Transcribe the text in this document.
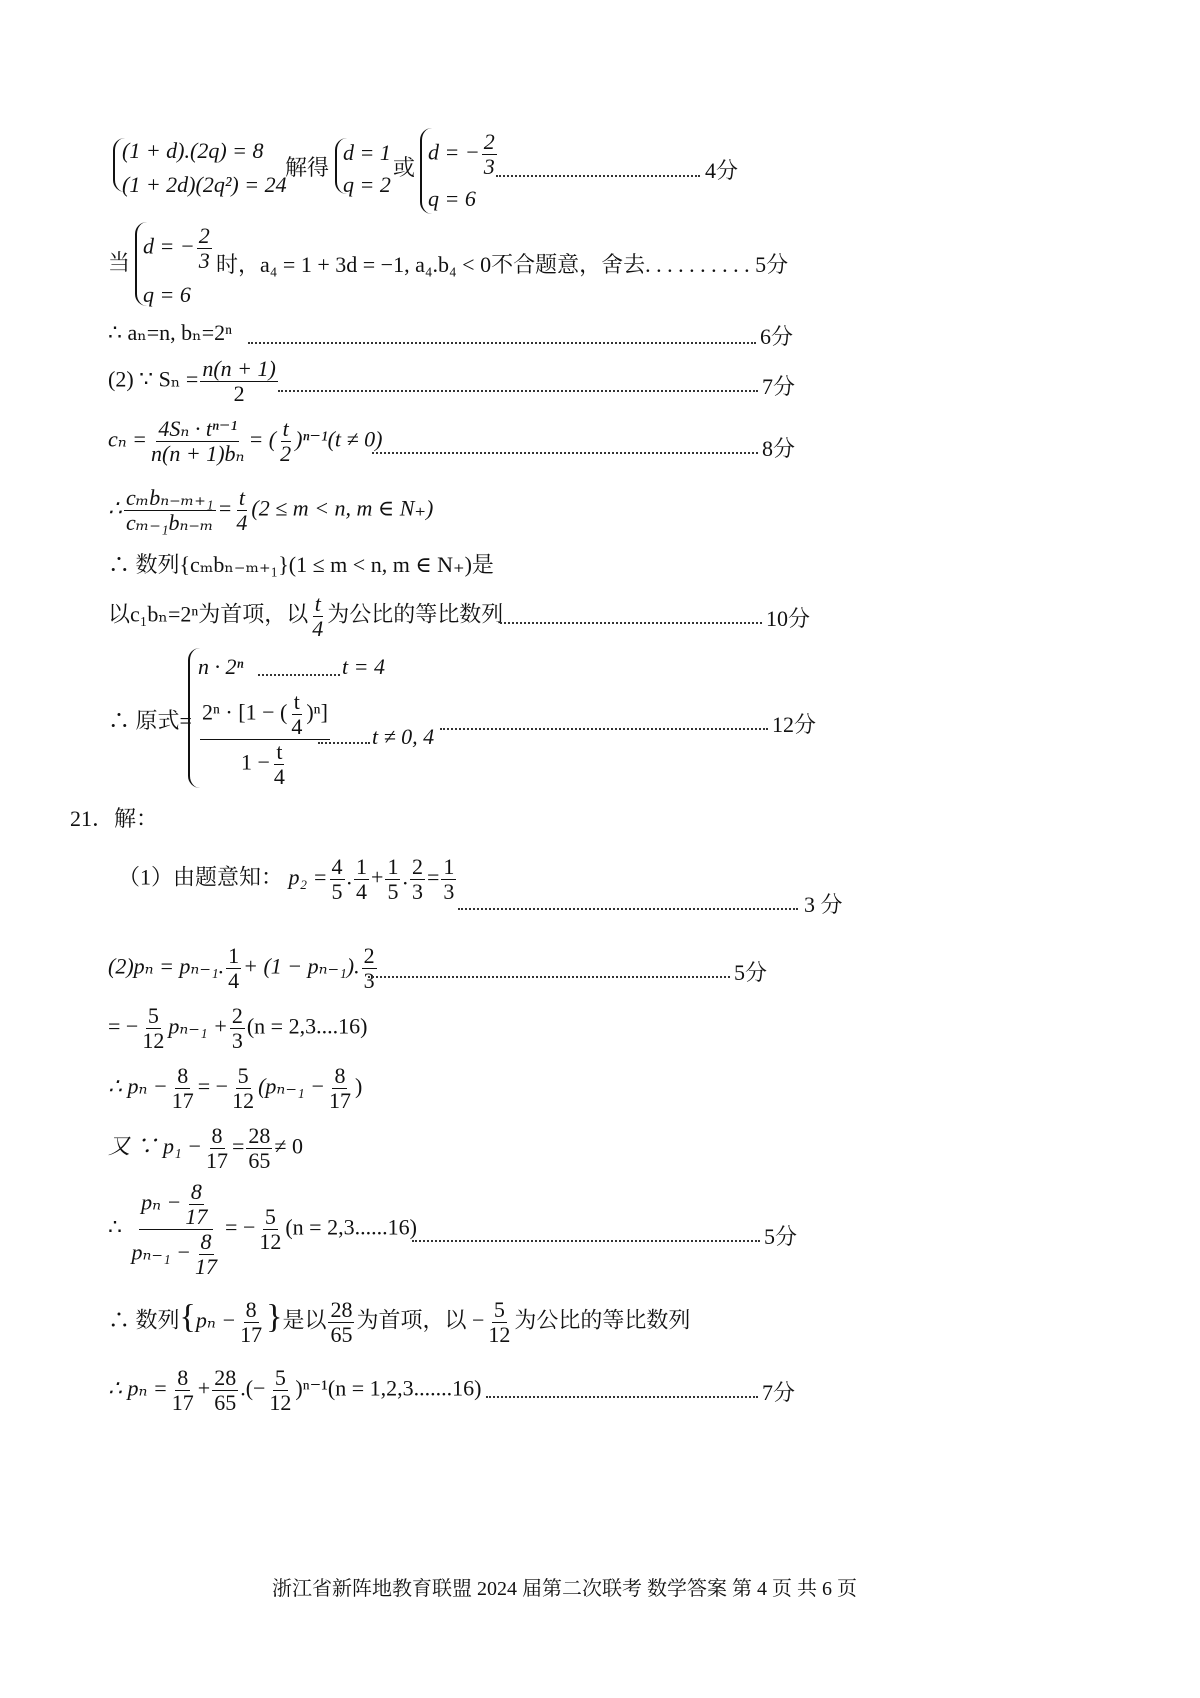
(1 + d).(2q) = 8
(1 + 2d)(2q²) = 24
解得
d = 1
q = 2
或
d = − $\frac{2}{3}$
q = 6
4分
当
d = − $\frac{2}{3}$ 时，a₄ = 1 + 3d = −1, a₄.b₄ < 0不合题意，舍去. . . . . . . . . . 5分
q = 6
∴ aₙ=n, bₙ=2ⁿ	6分
(2) ∵ $S_n = \frac{n(n + 1)}{2}$	7分
$c_n = \frac{\text{4Sₙ · tⁿ⁻¹}}{\text{n(n + 1)bₙ}}$ = ( $\frac{t}{2} )^{n-1}(t \ne 0)$	8分
∴ $\frac{\text{cₘbₙ₋ₘ₊₁}}{\text{cₘ₋₁bₙ₋ₘ}} = \frac{t}{4} (2 \le m < n$, m ∈ N₊)
∴ 数列{cₘbₙ₋ₘ₊₁}(1 ≤ m < n, m ∈ N₊)是
以c₁bₙ=2ⁿ为首项，以 $\frac{t}{4}$ 为公比的等比数列	10分
∴ 原式=
n · 2ⁿ	t = 4
$\frac{2^n \cdot [1 - ( \frac{t}{4} )^n]}{1 - \frac{t}{4}}$ t ≠ 0, 4	12分
21．解：
（1）由题意知： $p_2 = \frac{4}{5}$ . $\frac{1}{4} + \frac{1}{5}$ . $\frac{2}{3} = \frac{1}{3}$
3 分
(2)pₙ = pₙ₋₁. $\frac{1}{4} + (1 - p_{n-1})$. $\frac{2}{3}$	5分
= − $\frac{5}{12} p_{n-1} + \frac{2}{3} (n = 2,3....16)$
∴ $p_n - \frac{8}{17}$ = − $\frac{5}{12} (p_{n-1} - \frac{8}{17}$ )
又 ∵ $p_1 - \frac{8}{17} = \frac{28}{65} \ne 0$
∴ $\frac{p_n - \frac{8}{17}}{p_{n-1} - \frac{8}{17}}$ = − $\frac{5}{12} (n = 2,3......16)$	5分
∴ 数列{$p_n - \frac{8}{17}$ }是以 $\frac{28}{65}$ 为首项，以 − $\frac{5}{12}$ 为公比的等比数列
∴ $p_n = \frac{8}{17} + \frac{28}{65}$ .(− $\frac{5}{12} )^{n-1}(n = 1,2,3.......16)$	7分
浙江省新阵地教育联盟 2024 届第二次联考 数学答案 第 4 页 共 6 页
